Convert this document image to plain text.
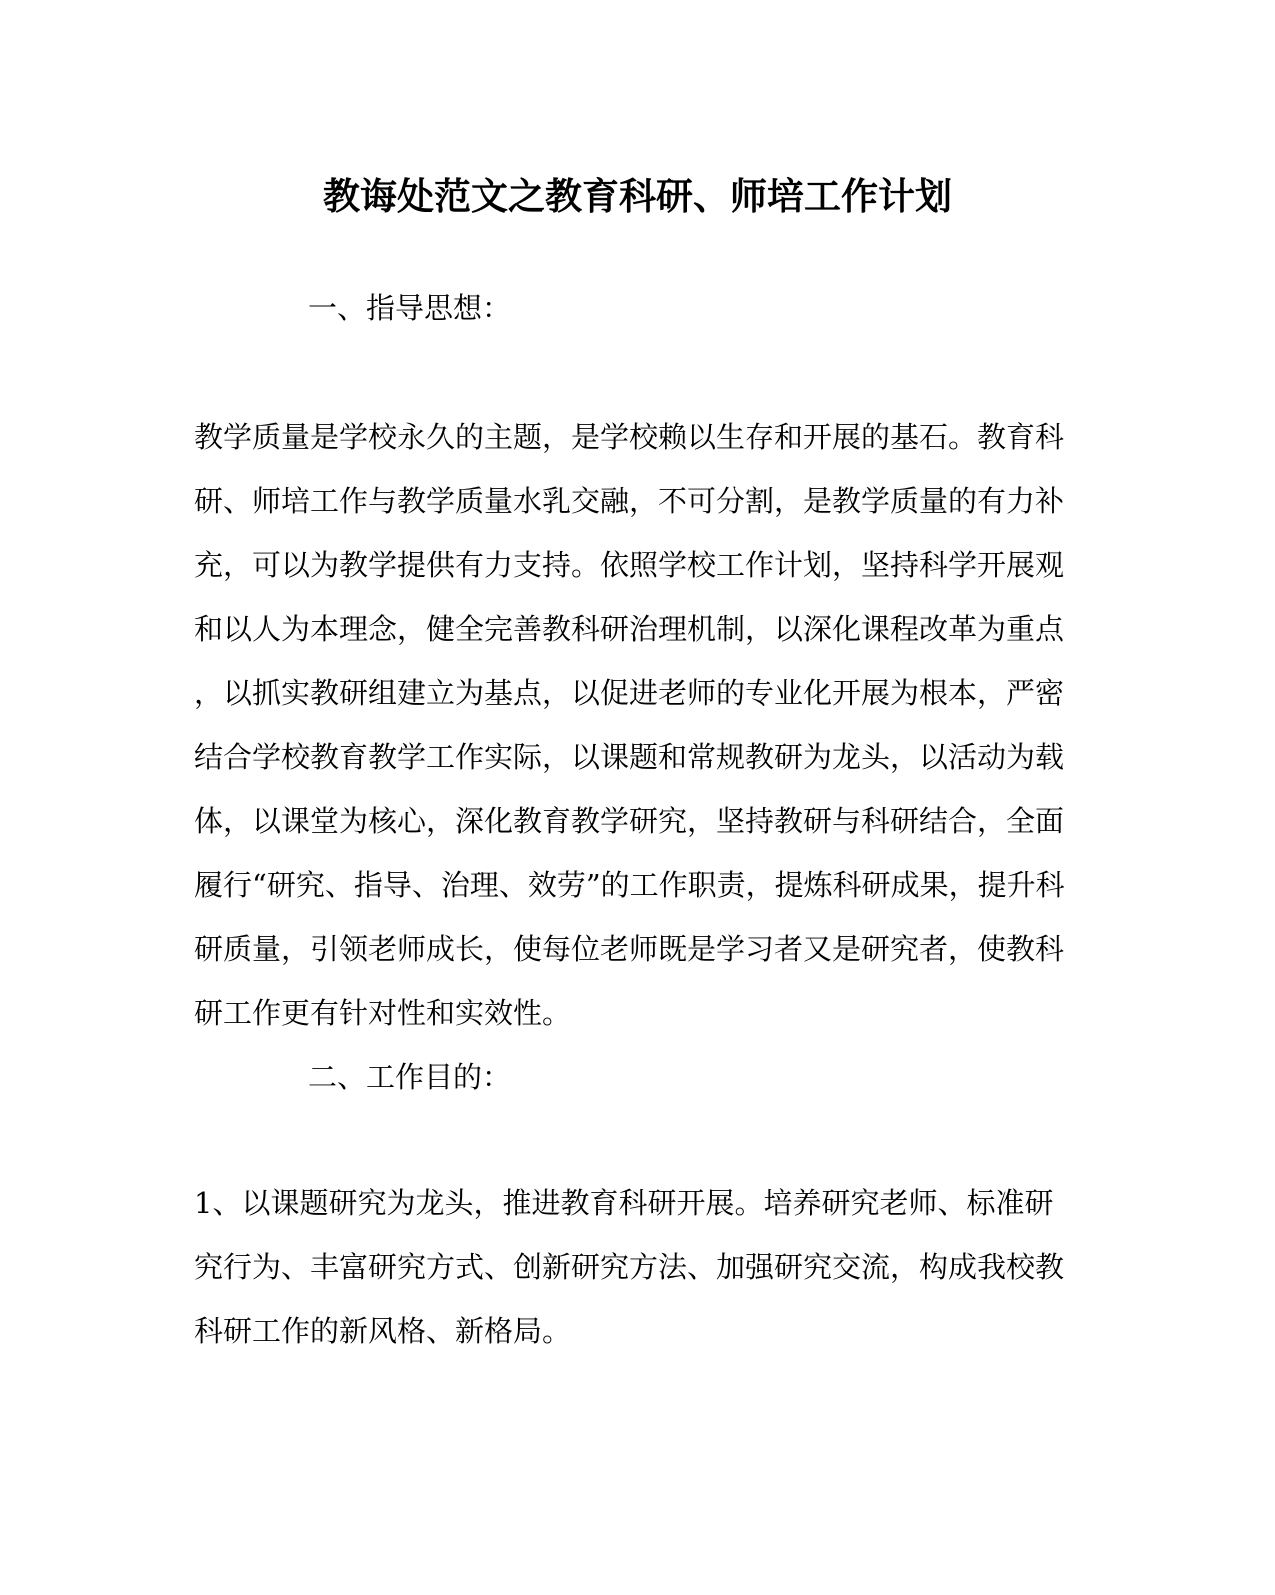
教诲处范文之教育科研、师培工作计划
一、指导思想：
教学质量是学校永久的主题，是学校赖以生存和开展的基石。教育科
研、师培工作与教学质量水乳交融，不可分割，是教学质量的有力补
充，可以为教学提供有力支持。依照学校工作计划，坚持科学开展观
和以人为本理念，健全完善教科研治理机制，以深化课程改革为重点
，以抓实教研组建立为基点，以促进老师的专业化开展为根本，严密
结合学校教育教学工作实际，以课题和常规教研为龙头，以活动为载
体，以课堂为核心，深化教育教学研究，坚持教研与科研结合，全面
履行“研究、指导、治理、效劳”的工作职责，提炼科研成果，提升科
研质量，引领老师成长，使每位老师既是学习者又是研究者，使教科
研工作更有针对性和实效性。
二、工作目的：
1、以课题研究为龙头，推进教育科研开展。培养研究老师、标准研
究行为、丰富研究方式、创新研究方法、加强研究交流，构成我校教
科研工作的新风格、新格局。
